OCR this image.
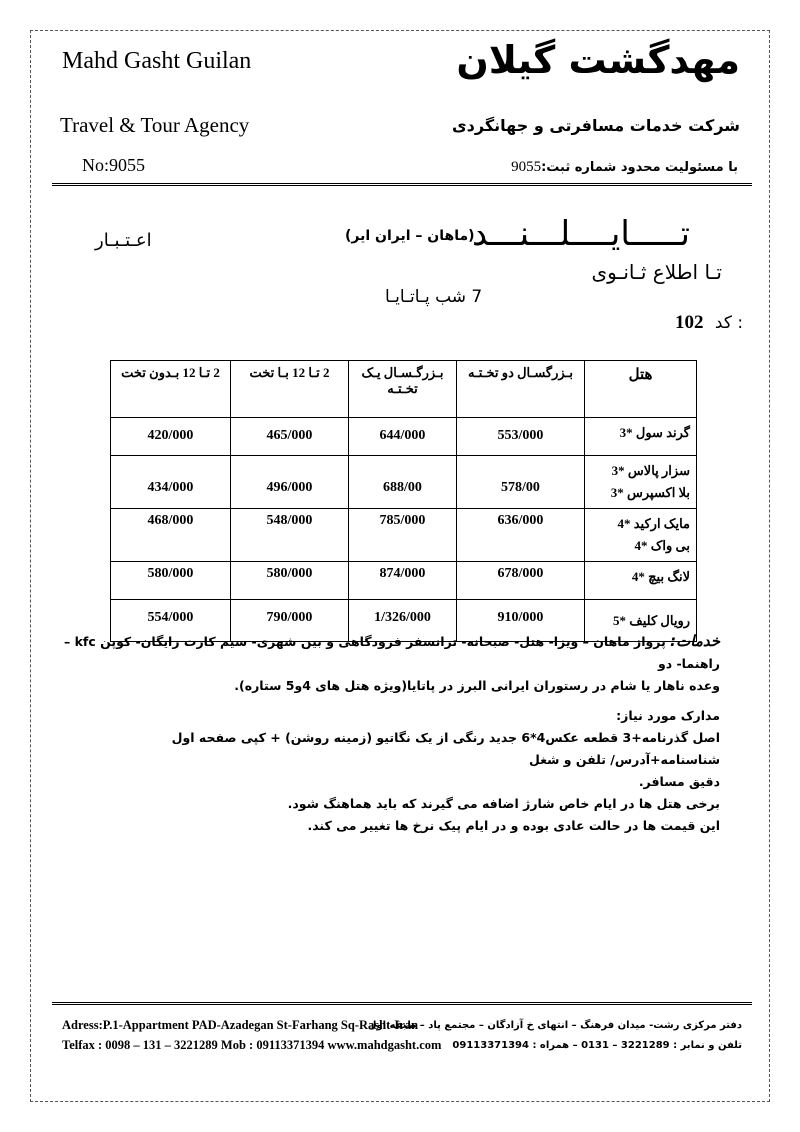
Mahd Gasht Guilan	مهدگشت گیلان
Travel & Tour Agency	شرکت خدمات مسافرتی و جهانگردی
No:9055	با مسئولیت محدود شماره ثبت:9055
(ماهان – ایران ایر)
تـــــایــــلـــنـــد
اعـتـبـار
تـا اطلاع ثـانـوی
7 شب پـاتـایـا
102 کد :
هتل	بـزرگسـال دو تخـتـه	بـزرگـسـال یـک تخـتـه	2 تـا 12 بـا تخت	2 تـا 12 بـدون تخت

گرند سول *3	553/000	644/000	465/000	420/000

سزار پالاس *3
بلا اکسپرس *3	578/00	688/00	496/000	434/000

مایک ارکید *4
بی واک *4	636/000	785/000	548/000	468/000

لانگ بیچ *4	678/000	874/000	580/000	580/000

رویال کلیف *5	910/000	1/326/000	790/000	554/000
خدمات: پرواز ماهان – ویزا- هتل- صبحانه- ترانسفر فرودگاهی و بین شهری- سیم کارت رایگان- کوپن kfc – راهنما- دو
وعده ناهار یا شام در رستوران ایرانی البرز در پاتایا(ویژه هتل های 4و5 ستاره).
مدارک مورد نیاز:
اصل گذرنامه+3 قطعه عکس4*6 جدید رنگی از یک نگاتیو (زمینه روشن) + کپی صفحه اول شناسنامه+آدرس/ تلفن و شغل
دقیق مسافر.
برخی هتل ها در ایام خاص شارژ اضافه می گیرند که باید هماهنگ شود.
این قیمت ها در حالت عادی بوده و در ایام پیک نرخ ها تغییر می کند.
Adress:P.1-Appartment PAD-Azadegan St-Farhang Sq-Rasht-Iran
دفتر مرکزی رشت- میدان فرهنگ – انتهای خ آزادگان – مجتمع پاد – طبقه اول
Telfax : 0098 – 131 – 3221289 Mob : 09113371394 www.mahdgasht.com تلفن و نمابر : 3221289 – 0131 – همراه : 09113371394
